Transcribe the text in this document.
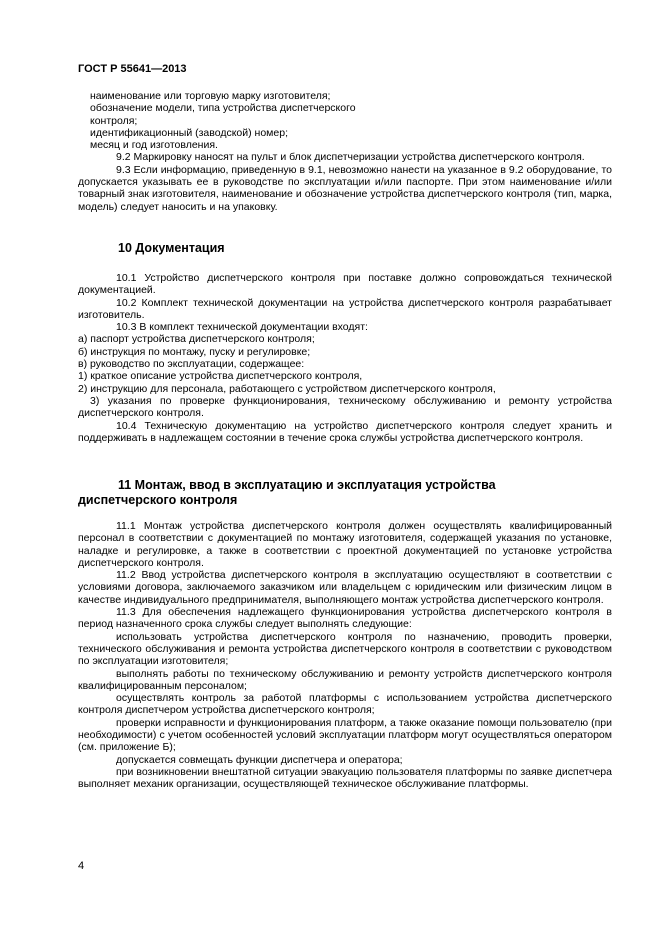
ГОСТ Р 55641—2013

наименование или торговую марку изготовителя;

обозначение модели, типа устройства диспетчерского

контроля;

идентификационный (заводской) номер;

месяц и год изготовления.

9.2 Маркировку наносят на пульт и блок диспетчеризации устройства диспетчерского контроля.

9.3 Если информацию, приведенную в 9.1, невозможно нанести на указанное в 9.2 оборудование, то допускается указывать ее в руководстве по эксплуатации и/или паспорте. При этом наименование и/или товарный знак изготовителя, наименование и обозначение устройства диспетчерского контроля (тип, марка, модель) следует наносить и на упаковку.

10 Документация

10.1 Устройство диспетчерского контроля при поставке должно сопровождаться технической документацией.

10.2 Комплект технической документации на устройства диспетчерского контроля разрабатывает изготовитель.

10.3 В комплект технической документации входят:

а) паспорт устройства диспетчерского контроля;

б) инструкция по монтажу, пуску и регулировке;

в) руководство по эксплуатации, содержащее:

1) краткое описание устройства диспетчерского контроля,

2) инструкцию для персонала, работающего с устройством диспетчерского контроля,

3) указания по проверке функционирования, техническому обслуживанию и ремонту устройства диспетчерского контроля.

10.4 Техническую документацию на устройство диспетчерского контроля следует хранить и поддерживать в надлежащем состоянии в течение срока службы устройства диспетчерского контроля.

11 Монтаж, ввод в эксплуатацию и эксплуатация устройства
диспетчерского контроля

11.1 Монтаж устройства диспетчерского контроля должен осуществлять квалифицированный персонал в соответствии с документацией по монтажу изготовителя, содержащей указания по установке, наладке и регулировке, а также в соответствии с проектной документацией по установке устройства диспетчерского контроля.

11.2 Ввод устройства диспетчерского контроля в эксплуатацию осуществляют в соответствии с условиями договора, заключаемого заказчиком или владельцем с юридическим или физическим лицом в качестве индивидуального предпринимателя, выполняющего монтаж устройства диспетчерского контроля.

11.3 Для обеспечения надлежащего функционирования устройства диспетчерского контроля в период назначенного срока службы следует выполнять следующие:

использовать устройства диспетчерского контроля по назначению, проводить проверки, технического обслуживания и ремонта устройства диспетчерского контроля в соответствии с руководством по эксплуатации изготовителя;

выполнять работы по техническому обслуживанию и ремонту устройств диспетчерского контроля квалифицированным персоналом;

осуществлять контроль за работой платформы с использованием устройства диспетчерского контроля диспетчером устройства диспетчерского контроля;

проверки исправности и функционирования платформ, а также оказание помощи пользователю (при необходимости) с учетом особенностей условий эксплуатации платформ могут осуществляться оператором (см. приложение Б);

допускается совмещать функции диспетчера и оператора;

при возникновении внештатной ситуации эвакуацию пользователя платформы по заявке диспетчера выполняет механик организации, осуществляющей техническое обслуживание платформы.

4
